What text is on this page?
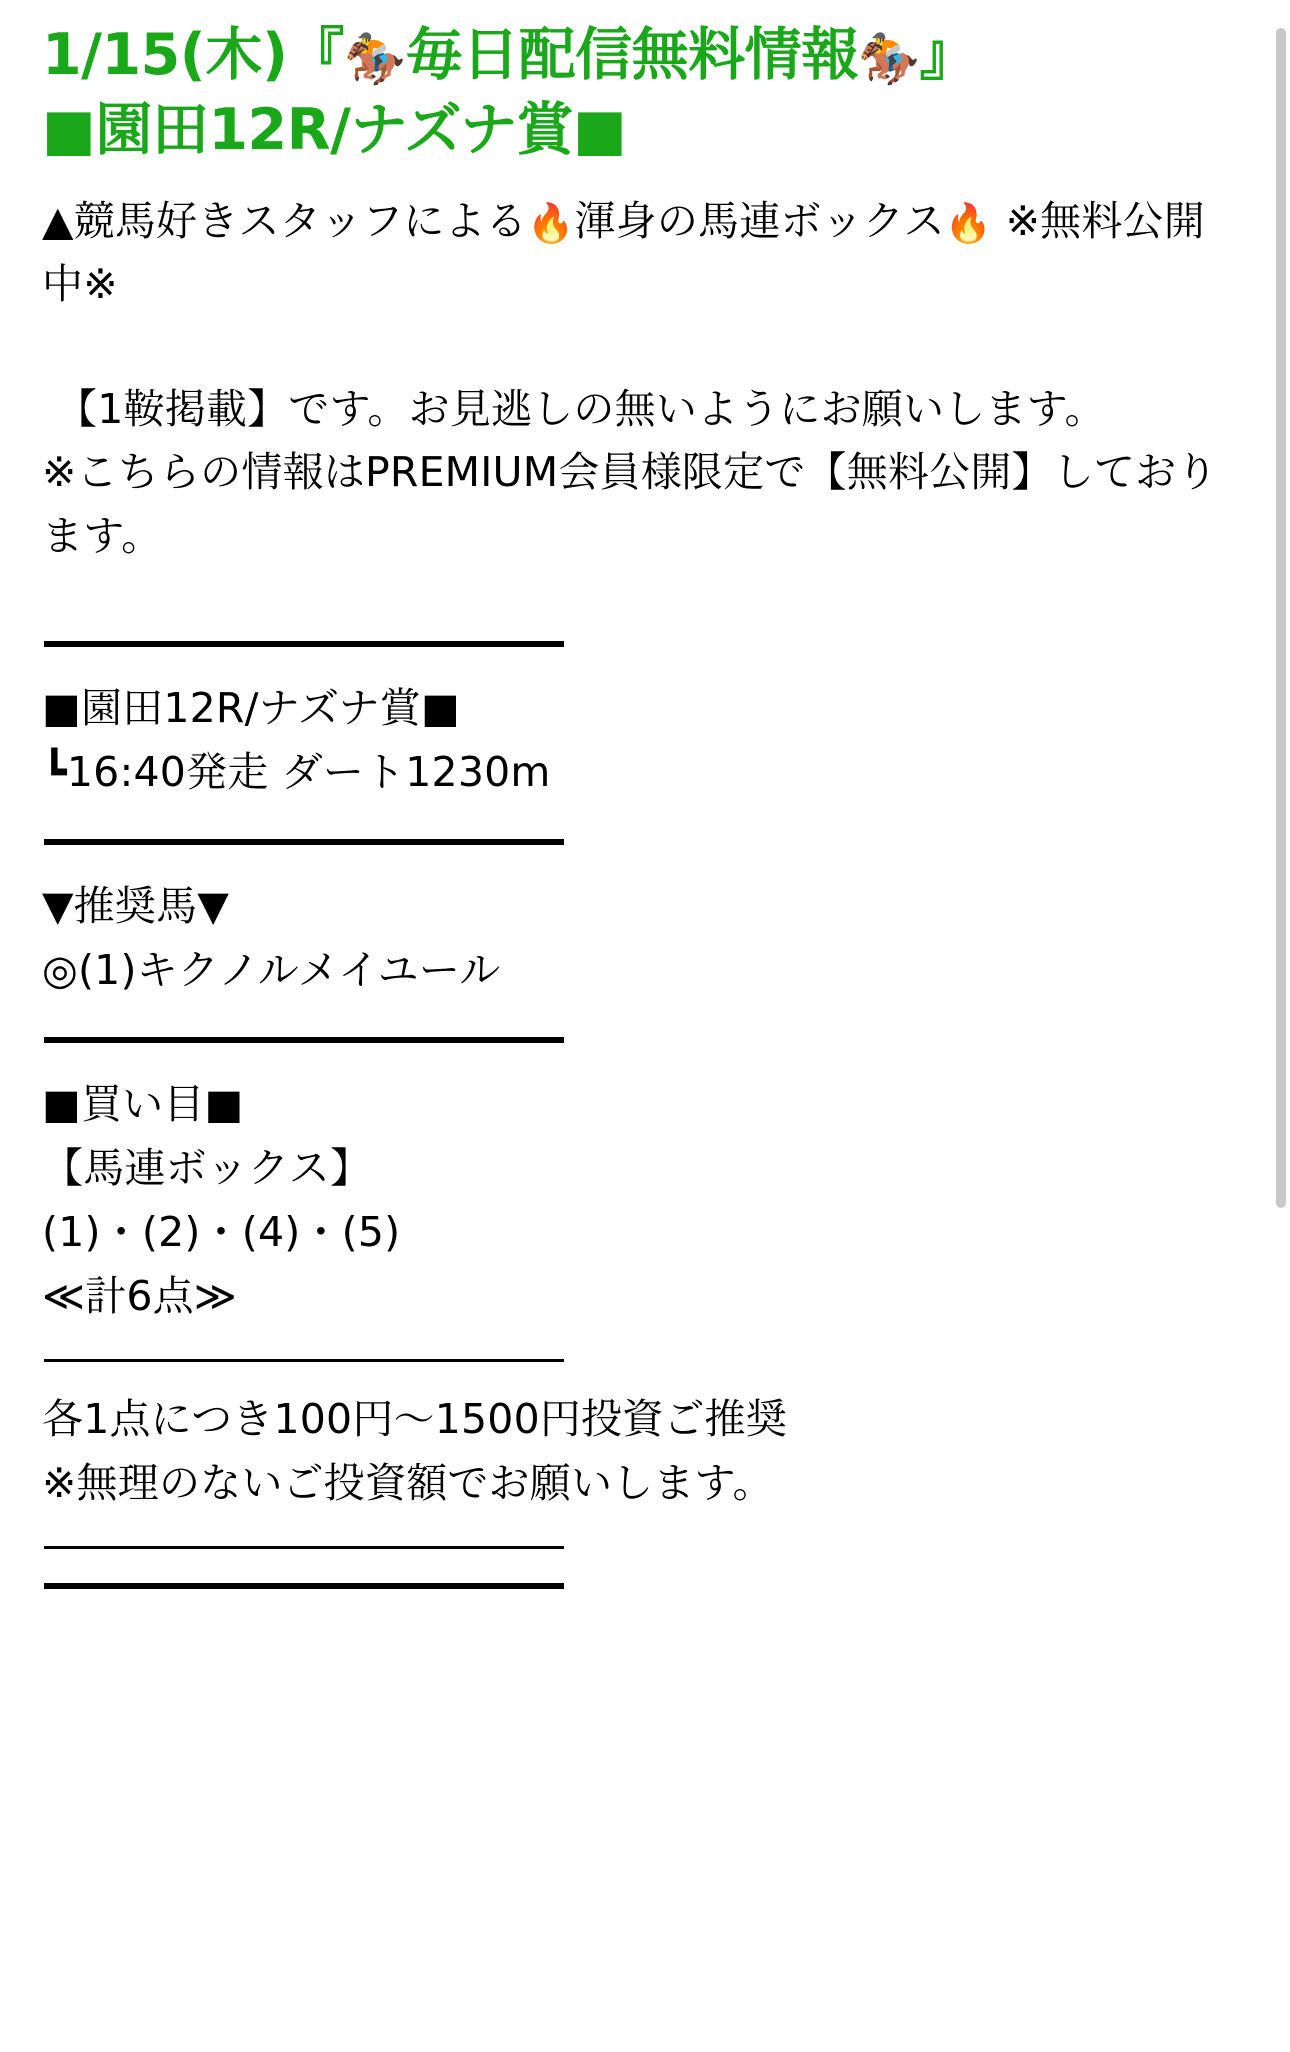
1/15(木)『🏇毎日配信無料情報🏇』
■園田12R/ナズナ賞■
▲競馬好きスタッフによる🔥渾身の馬連ボックス🔥 ※無料公開中※
【1鞍掲載】です。お見逃しの無いようにお願いします。
※こちらの情報はPREMIUM会員様限定で【無料公開】しております。
■園田12R/ナズナ賞■
┗16:40発走 ダート1230m
▼推奨馬▼
◎(1)キクノルメイユール
■買い目■
【馬連ボックス】
(1)・(2)・(4)・(5)
≪計6点≫
各1点につき100円〜1500円投資ご推奨
※無理のないご投資額でお願いします。
